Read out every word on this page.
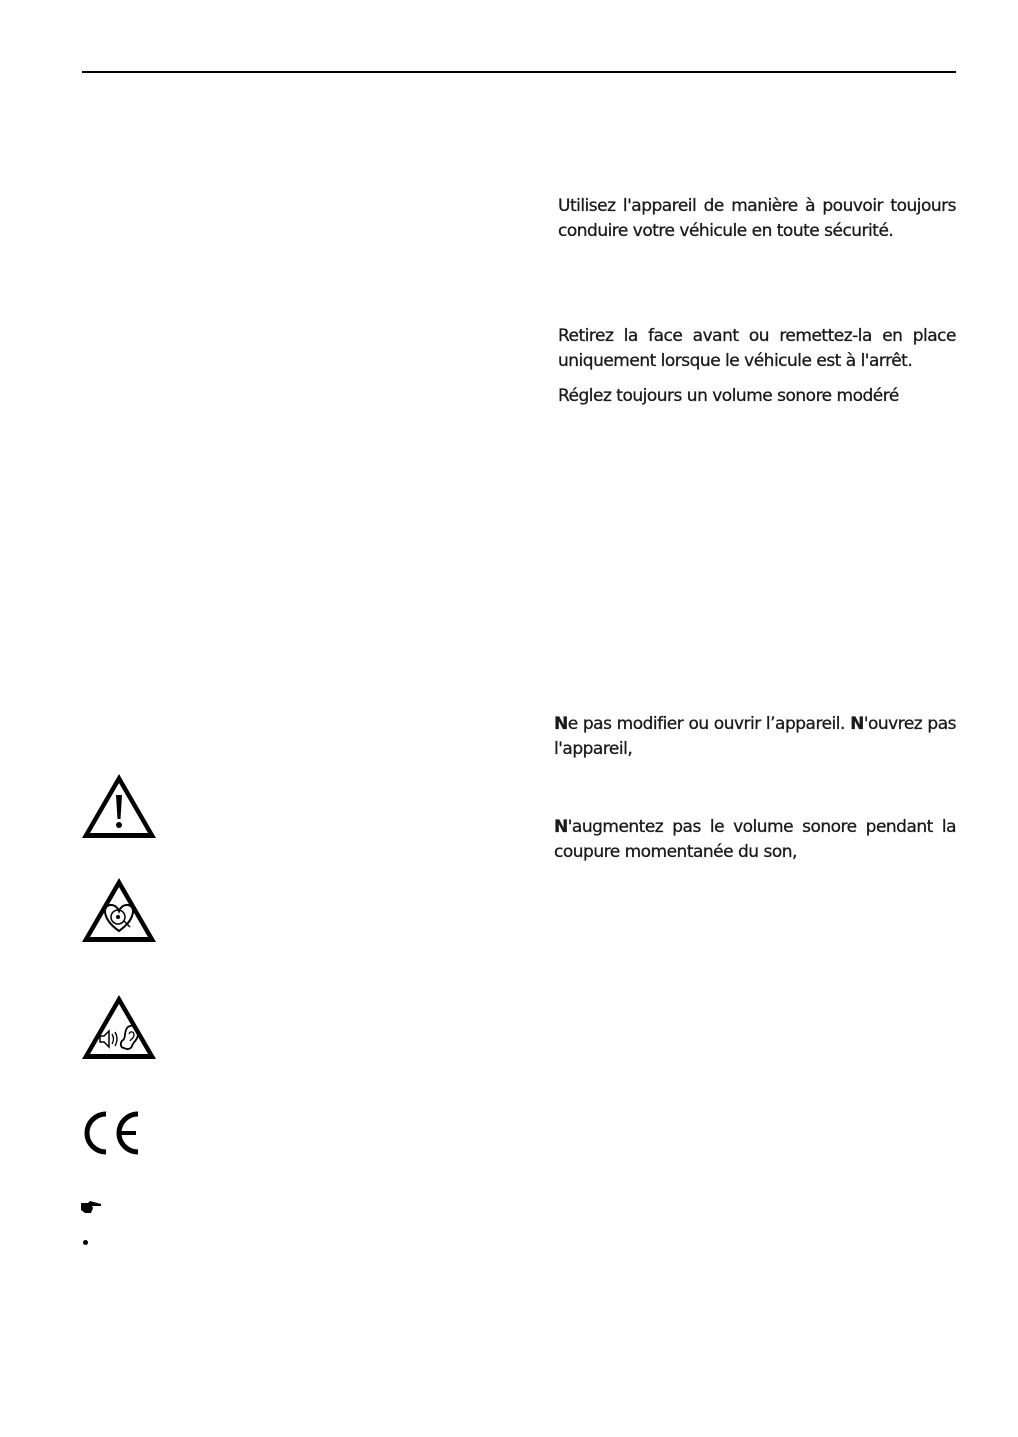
Utilisez l'appareil de manière à pouvoir toujours conduire votre véhicule en toute sécurité.

Retirez la face avant ou remettez-la en place uniquement lorsque le véhicule est à l'arrêt.

Réglez toujours un volume sonore modéré

Ne pas modifier ou ouvrir l’appareil. N'ouvrez pas l'appareil,

N'augmentez pas le volume sonore pendant la coupure momentanée du son,
